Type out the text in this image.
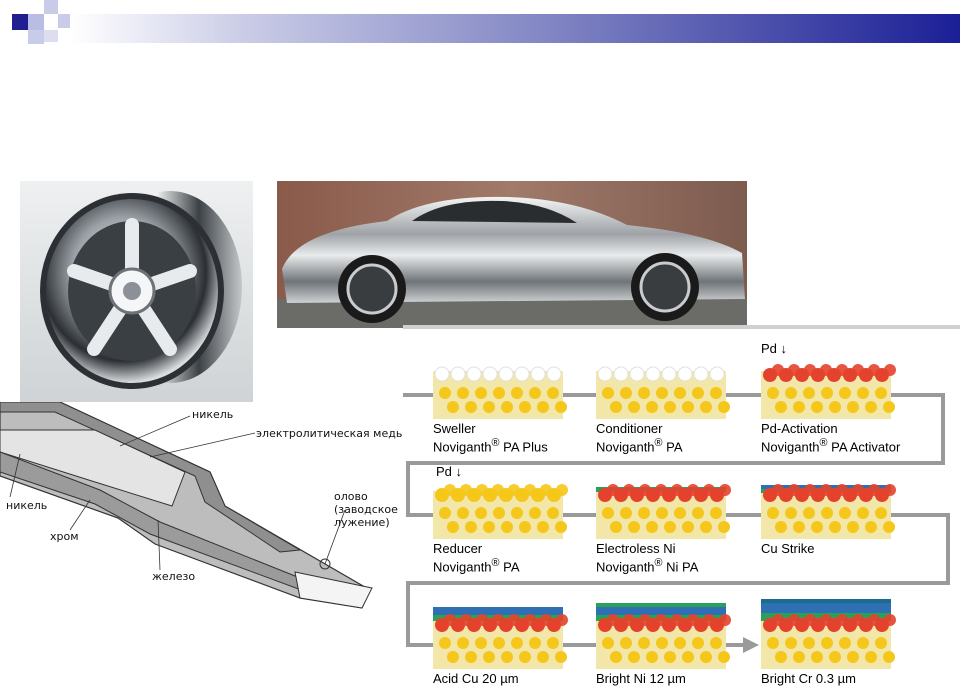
никель
электролитическая медь
олово
(заводское
лужение)
никель
хром
железо
Pd ↓
Pd ↓
Sweller
Noviganth® PA Plus
Conditioner
Noviganth® PA
Pd-Activation
Noviganth® PA Activator
Reducer
Noviganth® PA
Electroless Ni
Noviganth® Ni PA
Cu Strike
Acid Cu 20 µm	Bright Ni 12 µm	Bright Cr 0.3 µm
